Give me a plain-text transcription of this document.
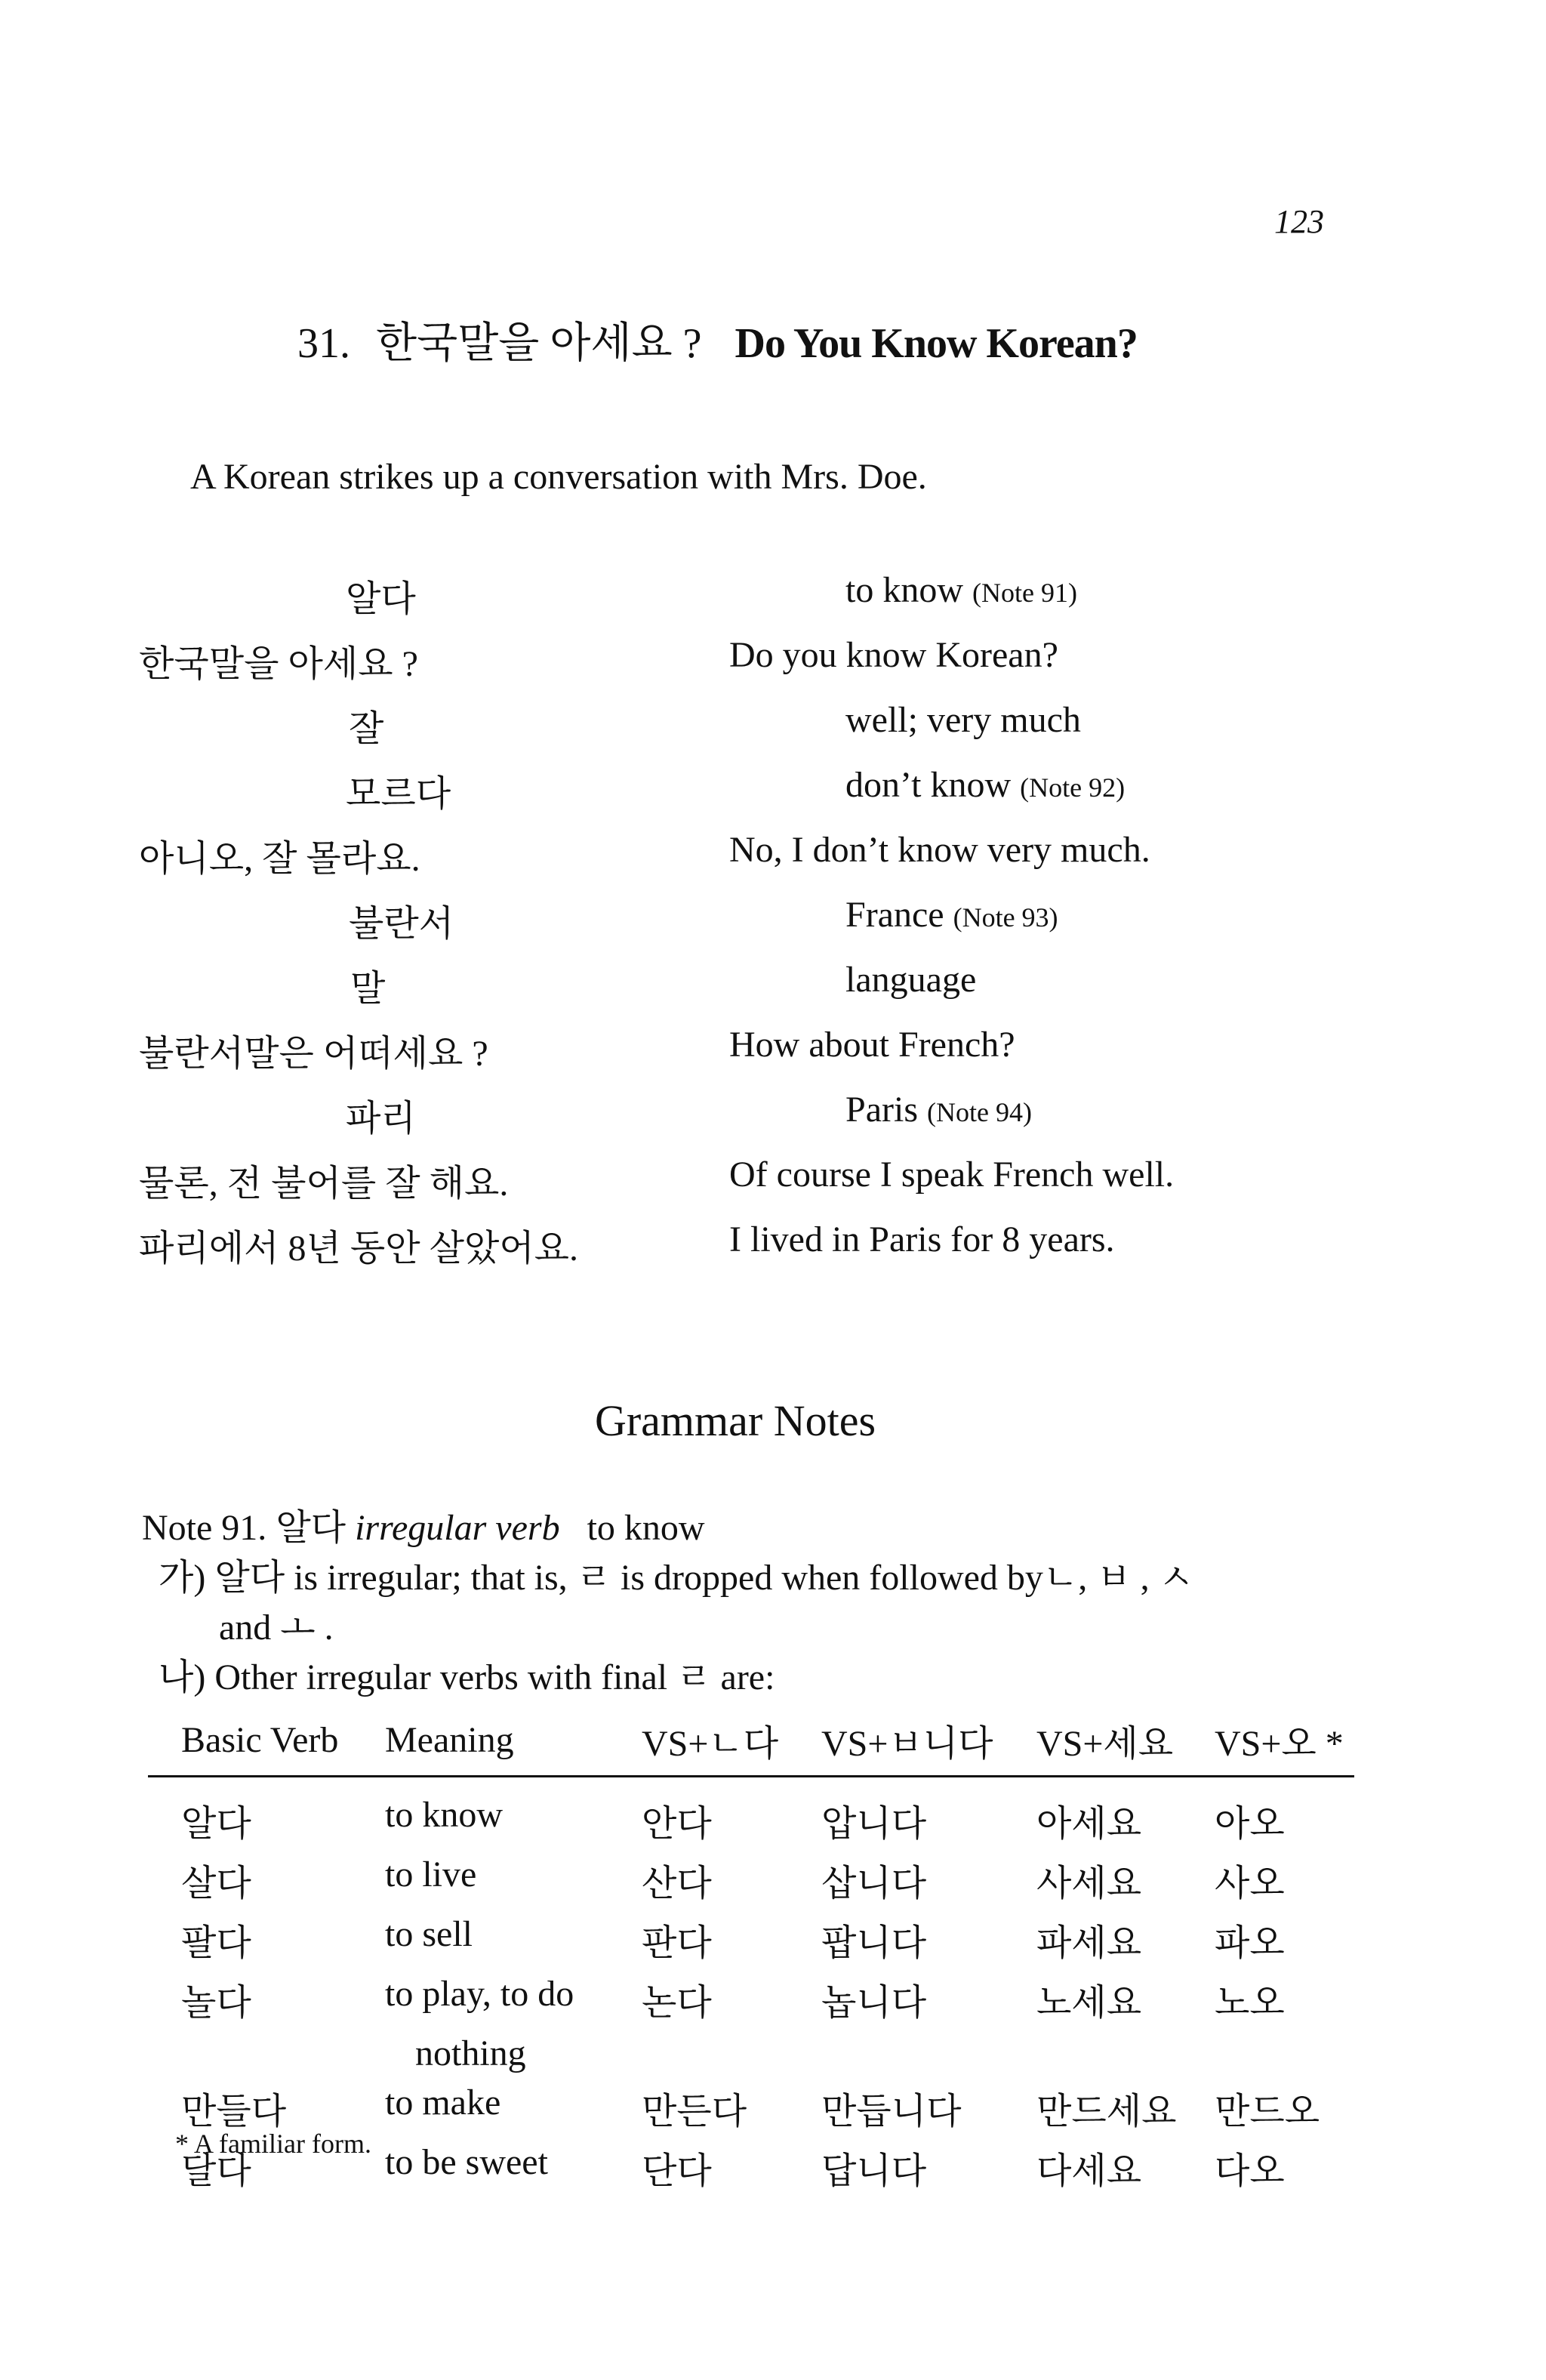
123
31. 한국말을 아세요 ? Do You Know Korean?
A Korean strikes up a conversation with Mrs. Doe.
알다	to know (Note 91)
한국말을 아세요 ?	Do you know Korean?
잘	well; very much
모르다	don’t know (Note 92)
아니오, 잘 몰라요.	No, I don’t know very much.
불란서	France (Note 93)
말	language
불란서말은 어떠세요 ?	How about French?
파리	Paris (Note 94)
물론, 전 불어를 잘 해요.	Of course I speak French well.
파리에서 8년 동안 살았어요.	I lived in Paris for 8 years.
Grammar Notes
Note 91. 알다 irregular verb to know
가) 알다 is irregular; that is, ㄹ is dropped when followed byㄴ, ㅂ , ㅅ
and ㅗ .
나) Other irregular verbs with final ㄹ are:
Basic Verb	Meaning	VS+ㄴ다	VS+ㅂ니다	VS+세요	VS+오 *
알다	to know	안다	압니다	아세요	아오
살다	to live	산다	삽니다	사세요	사오
팔다	to sell	판다	팝니다	파세요	파오
놀다	to play, to do	논다	놉니다	노세요	노오
	nothing				
만들다	to make	만든다	만듭니다	만드세요	만드오
달다	to be sweet	단다	답니다	다세요	다오
* A familiar form.
